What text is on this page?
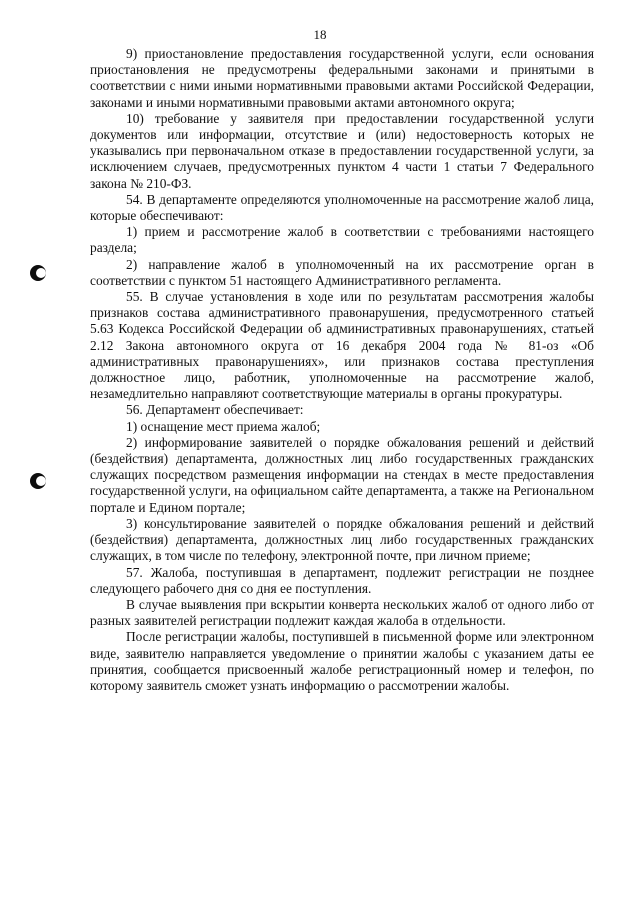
18

9) приостановление предоставления государственной услуги, если основания приостановления не предусмотрены федеральными законами и принятыми в соответствии с ними иными нормативными правовыми актами Российской Федерации, законами и иными нормативными правовыми актами автономного округа;

10) требование у заявителя при предоставлении государственной услуги документов или информации, отсутствие и (или) недостоверность которых не указывались при первоначальном отказе в предоставлении государственной услуги, за исключением случаев, предусмотренных пунктом 4 части 1 статьи 7 Федерального закона № 210-ФЗ.

54. В департаменте определяются уполномоченные на рассмотрение жалоб лица, которые обеспечивают:

1) прием и рассмотрение жалоб в соответствии с требованиями настоящего раздела;

2) направление жалоб в уполномоченный на их рассмотрение орган в соответствии с пунктом 51 настоящего Административного регламента.

55. В случае установления в ходе или по результатам рассмотрения жалобы признаков состава административного правонарушения, предусмотренного статьей 5.63 Кодекса Российской Федерации об административных правонарушениях, статьей 2.12 Закона автономного округа от 16 декабря 2004 года № 81-оз «Об административных правонарушениях», или признаков состава преступления должностное лицо, работник, уполномоченные на рассмотрение жалоб, незамедлительно направляют соответствующие материалы в органы прокуратуры.

56. Департамент обеспечивает:

1) оснащение мест приема жалоб;

2) информирование заявителей о порядке обжалования решений и действий (бездействия) департамента, должностных лиц либо государственных гражданских служащих посредством размещения информации на стендах в месте предоставления государственной услуги, на официальном сайте департамента, а также на Региональном портале и Едином портале;

3) консультирование заявителей о порядке обжалования решений и действий (бездействия) департамента, должностных лиц либо государственных гражданских служащих, в том числе по телефону, электронной почте, при личном приеме;

57. Жалоба, поступившая в департамент, подлежит регистрации не позднее следующего рабочего дня со дня ее поступления.

В случае выявления при вскрытии конверта нескольких жалоб от одного либо от разных заявителей регистрации подлежит каждая жалоба в отдельности.

После регистрации жалобы, поступившей в письменной форме или электронном виде, заявителю направляется уведомление о принятии жалобы с указанием даты ее принятия, сообщается присвоенный жалобе регистрационный номер и телефон, по которому заявитель сможет узнать информацию о рассмотрении жалобы.
